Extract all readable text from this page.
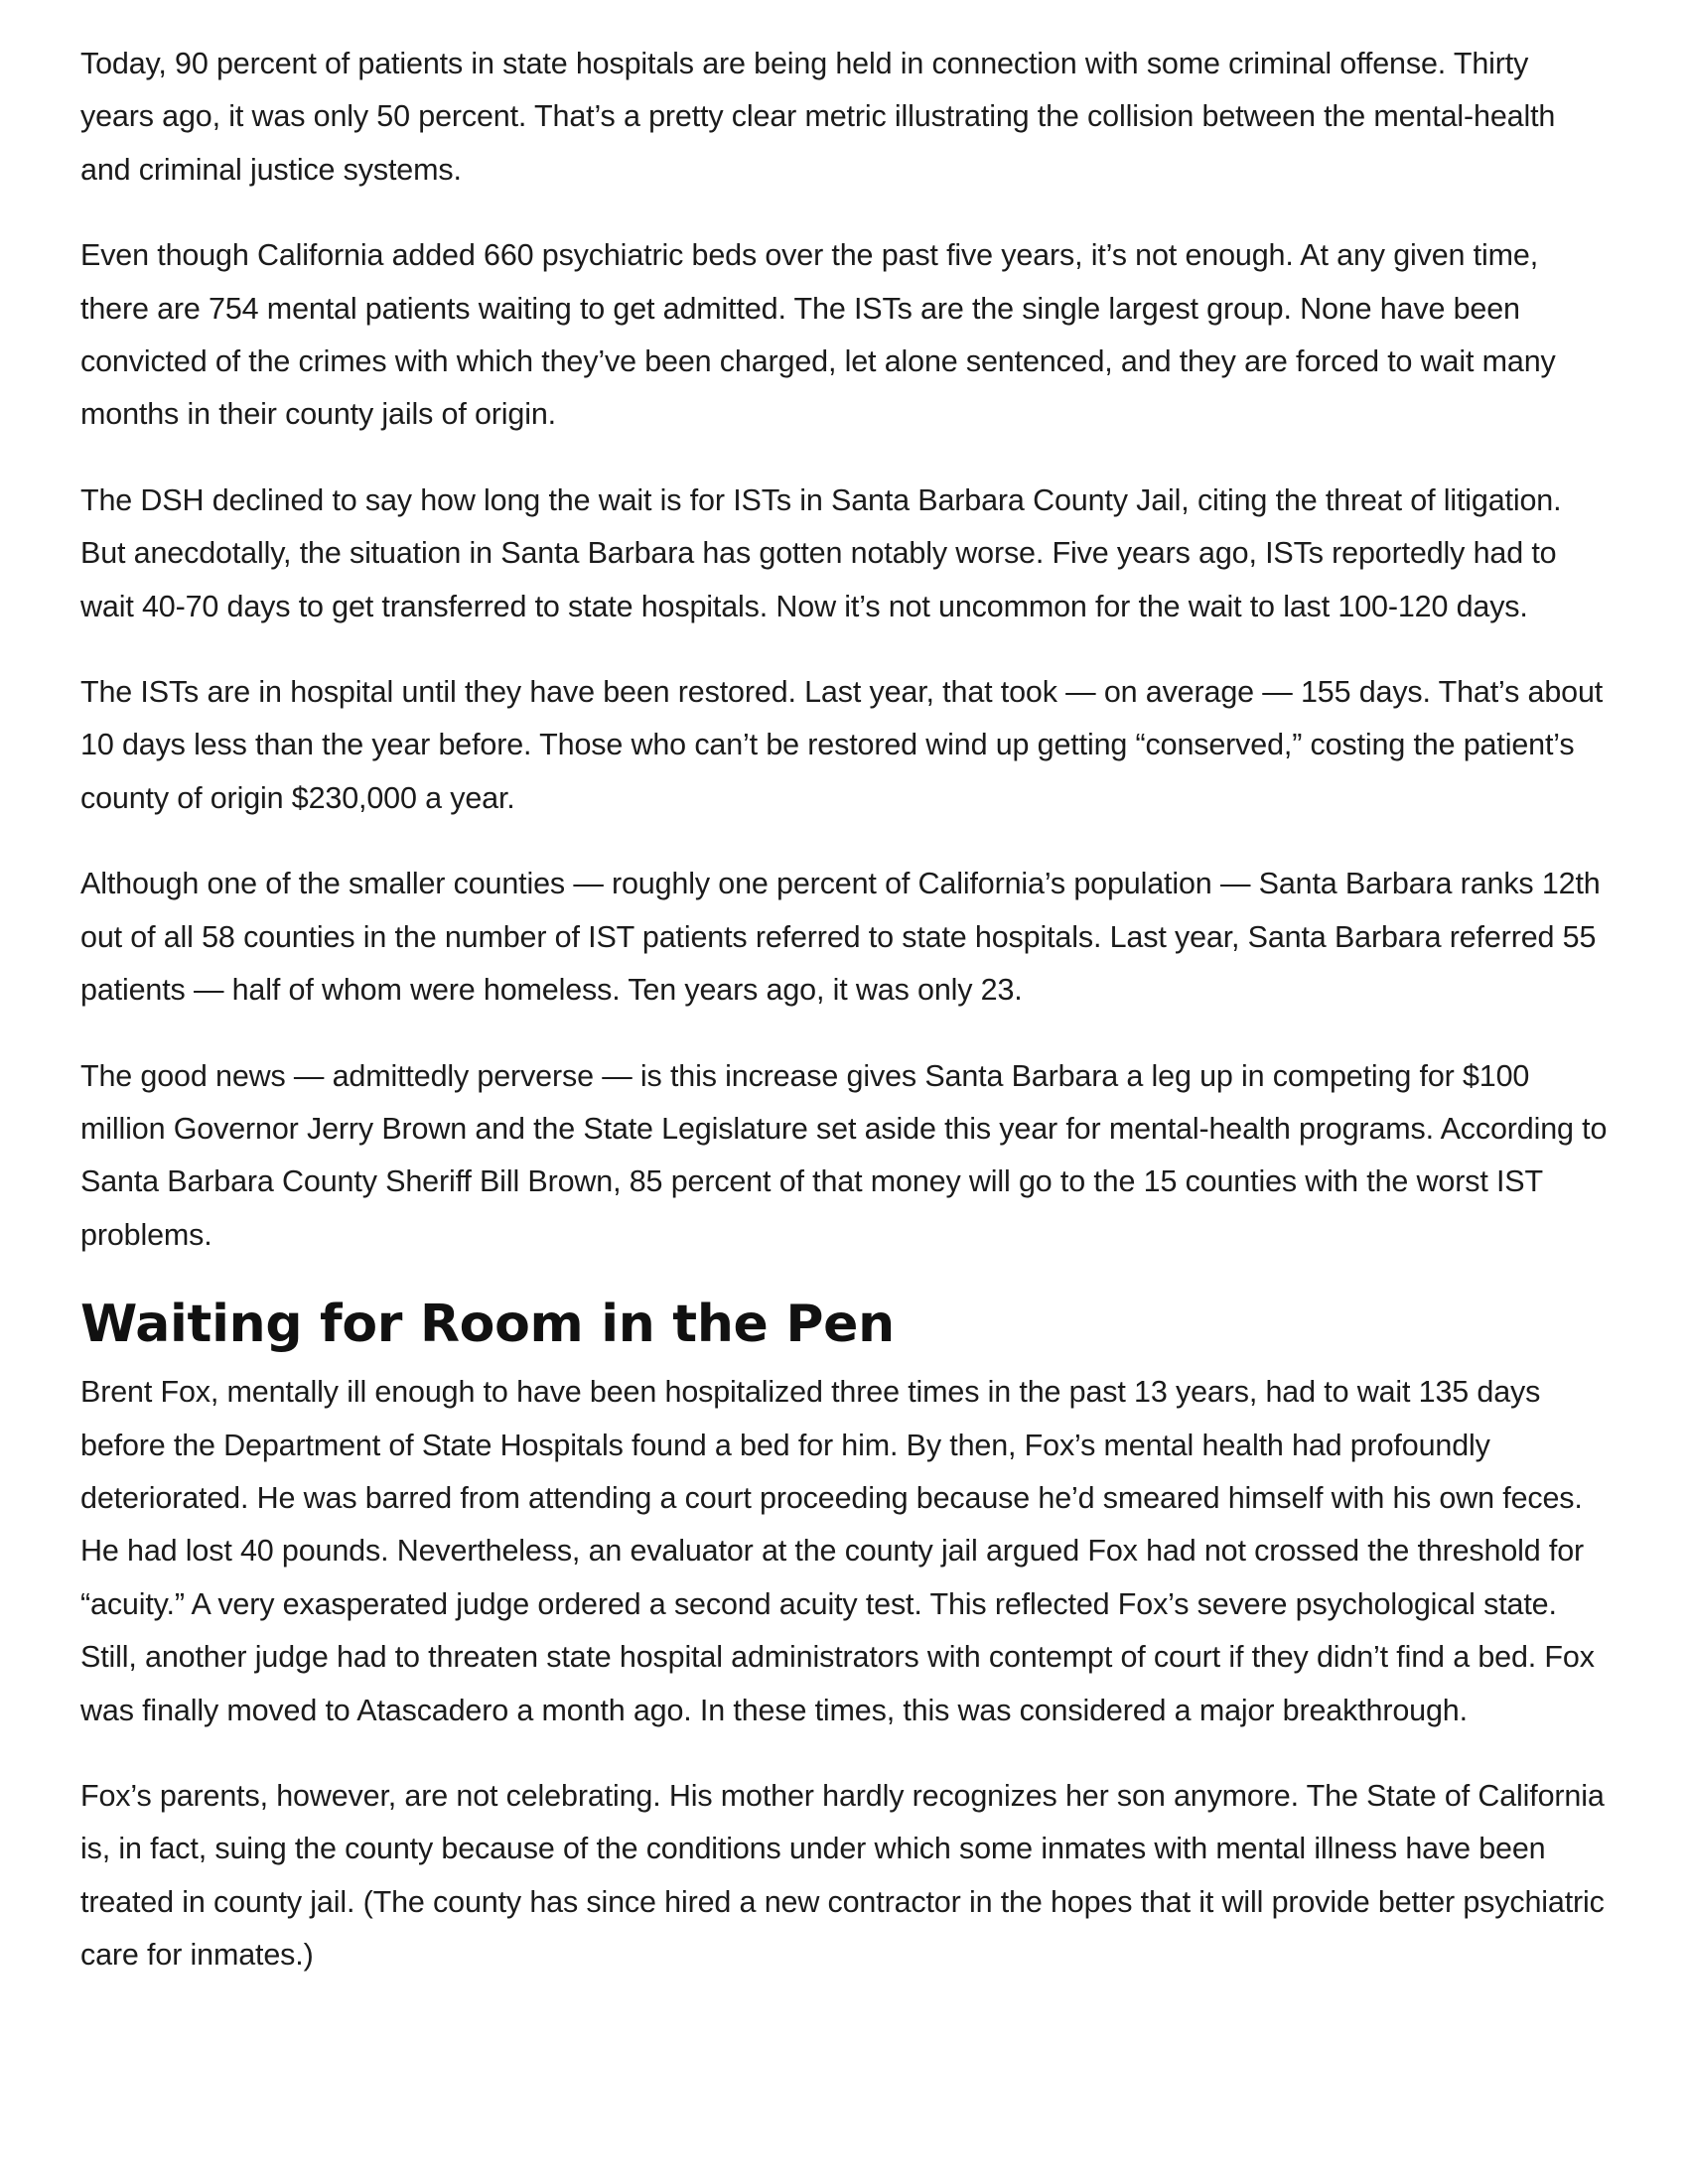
Today, 90 percent of patients in state hospitals are being held in connection with some criminal offense. Thirty years ago, it was only 50 percent. That’s a pretty clear metric illustrating the collision between the mental-health and criminal justice systems.

Even though California added 660 psychiatric beds over the past five years, it’s not enough. At any given time, there are 754 mental patients waiting to get admitted. The ISTs are the single largest group. None have been convicted of the crimes with which they’ve been charged, let alone sentenced, and they are forced to wait many months in their county jails of origin.

The DSH declined to say how long the wait is for ISTs in Santa Barbara County Jail, citing the threat of litigation. But anecdotally, the situation in Santa Barbara has gotten notably worse. Five years ago, ISTs reportedly had to wait 40-70 days to get transferred to state hospitals. Now it’s not uncommon for the wait to last 100-120 days.

The ISTs are in hospital until they have been restored. Last year, that took — on average — 155 days. That’s about 10 days less than the year before. Those who can’t be restored wind up getting “conserved,” costing the patient’s county of origin $230,000 a year.

Although one of the smaller counties — roughly one percent of California’s population — Santa Barbara ranks 12th out of all 58 counties in the number of IST patients referred to state hospitals. Last year, Santa Barbara referred 55 patients — half of whom were homeless. Ten years ago, it was only 23.

The good news — admittedly perverse — is this increase gives Santa Barbara a leg up in competing for $100 million Governor Jerry Brown and the State Legislature set aside this year for mental-health programs. According to Santa Barbara County Sheriff Bill Brown, 85 percent of that money will go to the 15 counties with the worst IST problems.

Waiting for Room in the Pen

Brent Fox, mentally ill enough to have been hospitalized three times in the past 13 years, had to wait 135 days before the Department of State Hospitals found a bed for him. By then, Fox’s mental health had profoundly deteriorated. He was barred from attending a court proceeding because he’d smeared himself with his own feces. He had lost 40 pounds. Nevertheless, an evaluator at the county jail argued Fox had not crossed the threshold for “acuity.” A very exasperated judge ordered a second acuity test. This reflected Fox’s severe psychological state. Still, another judge had to threaten state hospital administrators with contempt of court if they didn’t find a bed. Fox was finally moved to Atascadero a month ago. In these times, this was considered a major breakthrough.

Fox’s parents, however, are not celebrating. His mother hardly recognizes her son anymore. The State of California is, in fact, suing the county because of the conditions under which some inmates with mental illness have been treated in county jail. (The county has since hired a new contractor in the hopes that it will provide better psychiatric care for inmates.)
